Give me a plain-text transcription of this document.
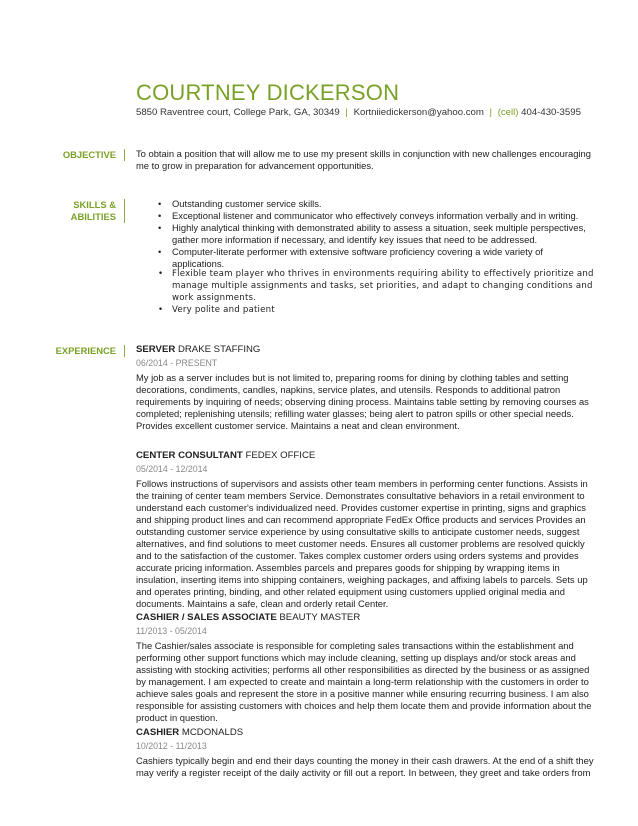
COURTNEY DICKERSON
5850 Raventree court, College Park, GA, 30349 | Kortniiedickerson@yahoo.com | (cell) 404-430-3595
OBJECTIVE	To obtain a position that will allow me to use my present skills in conjunction with new challenges encouraging me to grow in preparation for advancement opportunities.
SKILLS &
ABILITIES
• Outstanding customer service skills.
• Exceptional listener and communicator who effectively conveys information verbally and in writing.
• Highly analytical thinking with demonstrated ability to assess a situation, seek multiple perspectives, gather more information if necessary, and identify key issues that need to be addressed.
• Computer-literate performer with extensive software proficiency covering a wide variety of applications.
• Flexible team player who thrives in environments requiring ability to effectively prioritize and manage multiple assignments and tasks, set priorities, and adapt to changing conditions and work assignments.
• Very polite and patient
EXPERIENCE	SERVER DRAKE STAFFING
06/2014 - PRESENT
My job as a server includes but is not limited to, preparing rooms for dining by clothing tables and setting decorations, condiments, candles, napkins, service plates, and utensils. Responds to additional patron requirements by inquiring of needs; observing dining process. Maintains table setting by removing courses as completed; replenishing utensils; refilling water glasses; being alert to patron spills or other special needs. Provides excellent customer service. Maintains a neat and clean environment.
CENTER CONSULTANT FEDEX OFFICE
05/2014 - 12/2014
Follows instructions of supervisors and assists other team members in performing center functions. Assists in the training of center team members Service. Demonstrates consultative behaviors in a retail environment to understand each customer's individualized need. Provides customer expertise in printing, signs and graphics and shipping product lines and can recommend appropriate FedEx Office products and services Provides an outstanding customer service experience by using consultative skills to anticipate customer needs, suggest alternatives, and find solutions to meet customer needs. Ensures all customer problems are resolved quickly and to the satisfaction of the customer. Takes complex customer orders using orders systems and provides accurate pricing information. Assembles parcels and prepares goods for shipping by wrapping items in insulation, inserting items into shipping containers, weighing packages, and affixing labels to parcels. Sets up and operates printing, binding, and other related equipment using customers upplied original media and documents. Maintains a safe, clean and orderly retail Center.
CASHIER / SALES ASSOCIATE BEAUTY MASTER
11/2013 - 05/2014
The Cashier/sales associate is responsible for completing sales transactions within the establishment and performing other support functions which may include cleaning, setting up displays and/or stock areas and assisting with stocking activities; performs all other responsibilities as directed by the business or as assigned by management. I am expected to create and maintain a long-term relationship with the customers in order to achieve sales goals and represent the store in a positive manner while ensuring recurring business. I am also responsible for assisting customers with choices and help them locate them and provide information about the product in question.
CASHIER MCDONALDS
10/2012 - 11/2013
Cashiers typically begin and end their days counting the money in their cash drawers. At the end of a shift they may verify a register receipt of the daily activity or fill out a report. In between, they greet and take orders from
